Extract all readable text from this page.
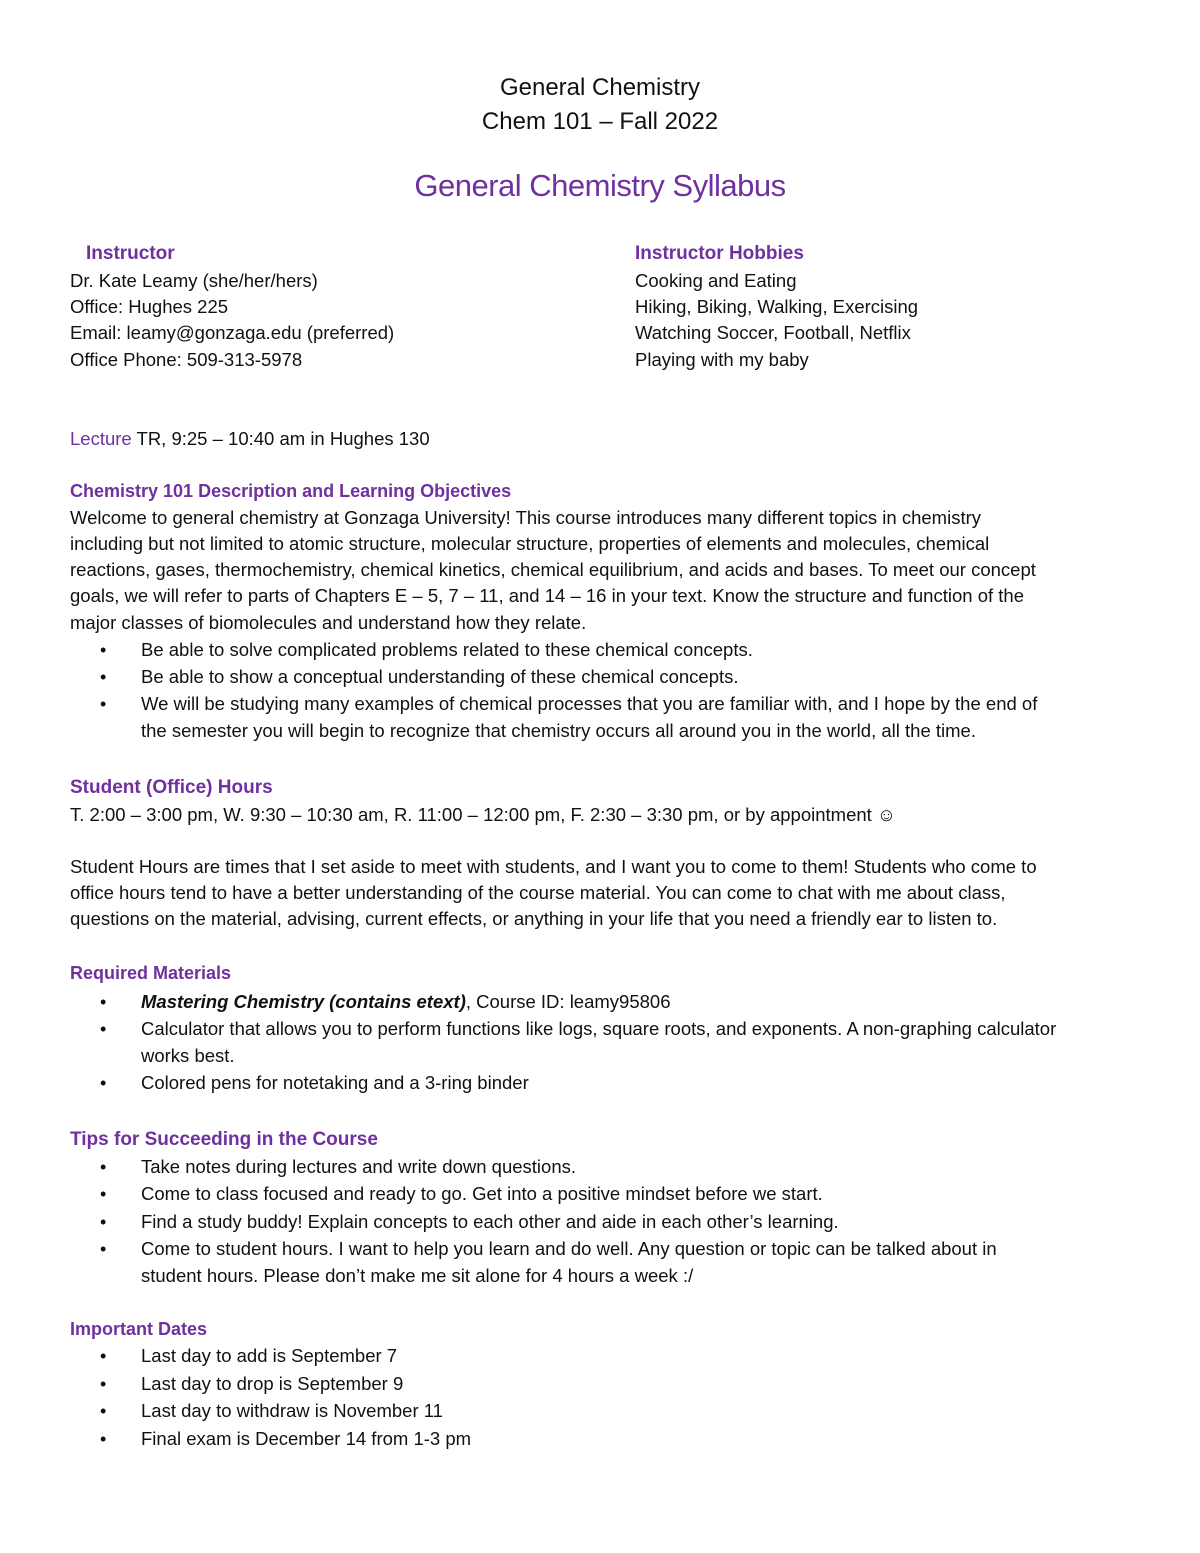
General Chemistry
Chem 101 – Fall 2022
General Chemistry Syllabus
Instructor
Dr. Kate Leamy (she/her/hers)
Office: Hughes 225
Email: leamy@gonzaga.edu (preferred)
Office Phone: 509-313-5978
Instructor Hobbies
Cooking and Eating
Hiking, Biking, Walking, Exercising
Watching Soccer, Football, Netflix
Playing with my baby
Lecture TR, 9:25 – 10:40 am in Hughes 130
Chemistry 101 Description and Learning Objectives
Welcome to general chemistry at Gonzaga University! This course introduces many different topics in chemistry
including but not limited to atomic structure, molecular structure, properties of elements and molecules, chemical
reactions, gases, thermochemistry, chemical kinetics, chemical equilibrium, and acids and bases. To meet our concept
goals, we will refer to parts of Chapters E – 5, 7 – 11, and 14 – 16 in your text. Know the structure and function of the
major classes of biomolecules and understand how they relate.
• Be able to solve complicated problems related to these chemical concepts.
• Be able to show a conceptual understanding of these chemical concepts.
• We will be studying many examples of chemical processes that you are familiar with, and I hope by the end of
the semester you will begin to recognize that chemistry occurs all around you in the world, all the time.
Student (Office) Hours
T. 2:00 – 3:00 pm, W. 9:30 – 10:30 am, R. 11:00 – 12:00 pm, F. 2:30 – 3:30 pm, or by appointment ☺
Student Hours are times that I set aside to meet with students, and I want you to come to them! Students who come to
office hours tend to have a better understanding of the course material. You can come to chat with me about class,
questions on the material, advising, current effects, or anything in your life that you need a friendly ear to listen to.
Required Materials
• Mastering Chemistry (contains etext), Course ID: leamy95806
• Calculator that allows you to perform functions like logs, square roots, and exponents. A non-graphing calculator
works best.
• Colored pens for notetaking and a 3-ring binder
Tips for Succeeding in the Course
• Take notes during lectures and write down questions.
• Come to class focused and ready to go. Get into a positive mindset before we start.
• Find a study buddy! Explain concepts to each other and aide in each other’s learning.
• Come to student hours. I want to help you learn and do well. Any question or topic can be talked about in
student hours. Please don’t make me sit alone for 4 hours a week :/
Important Dates
• Last day to add is September 7
• Last day to drop is September 9
• Last day to withdraw is November 11
• Final exam is December 14 from 1-3 pm
